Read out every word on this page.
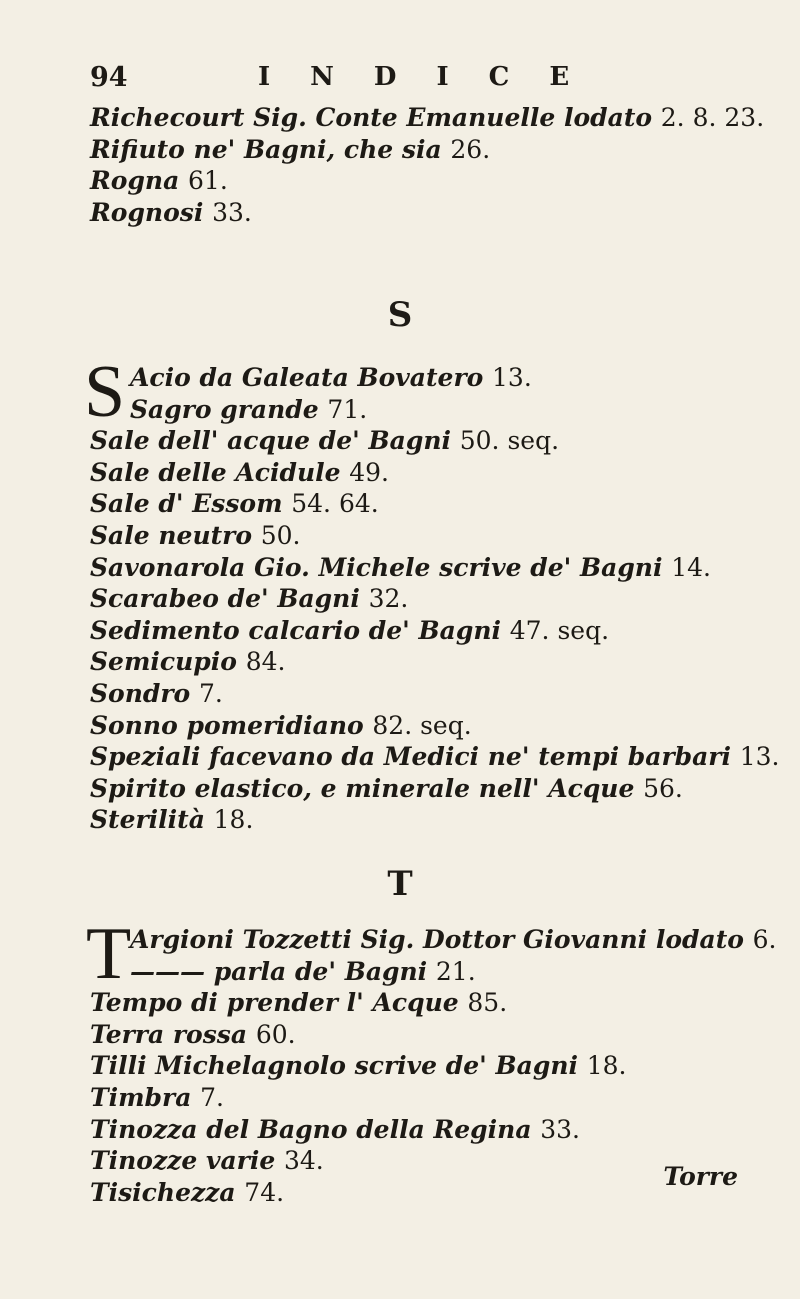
94	INDICE
Richecourt Sig. Conte Emanuelle lodato 2. 8. 23.
Rifiuto ne' Bagni, che sia 26.
Rogna 61.
Rognosi 33.
S
S Acio da Galeata Bovatero 13.
Sagro grande 71.
Sale dell' acque de' Bagni 50. seq.
Sale delle Acidule 49.
Sale d' Essom 54. 64.
Sale neutro 50.
Savonarola Gio. Michele scrive de' Bagni 14.
Scarabeo de' Bagni 32.
Sedimento calcario de' Bagni 47. seq.
Semicupio 84.
Sondro 7.
Sonno pomeridiano 82. seq.
Speziali facevano da Medici ne' tempi barbari 13.
Spirito elastico, e minerale nell' Acque 56.
Sterilità 18.
T
T
Argioni Tozzetti Sig. Dottor Giovanni lodato 6.
——— parla de' Bagni 21.
Tempo di prender l' Acque 85.
Terra rossa 60.
Tilli Michelagnolo scrive de' Bagni 18.
Timbra 7.
Tinozza del Bagno della Regina 33.
Tinozze varie 34.
Tisichezza 74.
Torre
